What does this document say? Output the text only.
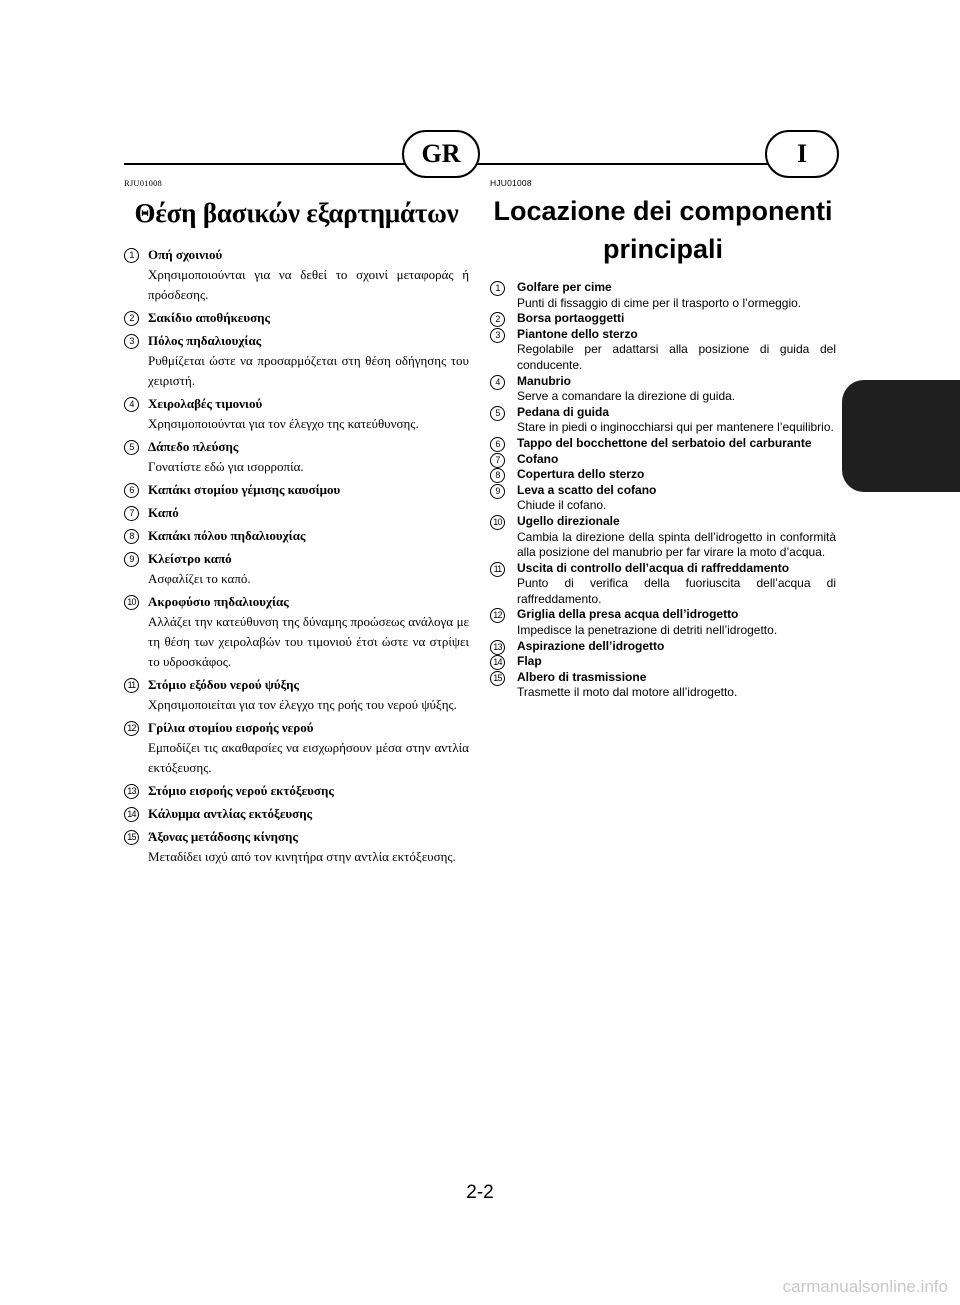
GR	I
RJU01008
Θέση βασικών εξαρτημάτων
1	Οπή σχοινιού
Χρησιμοποιούνται για να δεθεί το σχοινί μεταφοράς ή πρόσδεσης.
2	Σακίδιο αποθήκευσης
3	Πόλος πηδαλιουχίας
Ρυθμίζεται ώστε να προσαρμόζεται στη θέση οδήγησης του χειριστή.
4	Χειρολαβές τιμονιού
Χρησιμοποιούνται για τον έλεγχο της κατεύθυνσης.
5	Δάπεδο πλεύσης
Γονατίστε εδώ για ισορροπία.
6	Καπάκι στομίου γέμισης καυσίμου
7	Καπό
8	Καπάκι πόλου πηδαλιουχίας
9	Κλείστρο καπό
Ασφαλίζει το καπό.
10 Ακροφύσιο πηδαλιουχίας
Αλλάζει την κατεύθυνση της δύναμης προώσεως ανάλογα με τη θέση των χειρολαβών του τιμονιού έτσι ώστε να στρίψει το υδροσκάφος.
11 Στόμιο εξόδου νερού ψύξης
Χρησιμοποιείται για τον έλεγχο της ροής του νερού ψύξης.
12 Γρίλια στομίου εισροής νερού
Εμποδίζει τις ακαθαρσίες να εισχωρήσουν μέσα στην αντλία εκτόξευσης.
13 Στόμιο εισροής νερού εκτόξευσης
14 Κάλυμμα αντλίας εκτόξευσης
15 Άξονας μετάδοσης κίνησης
Μεταδίδει ισχύ από τον κινητήρα στην αντλία εκτόξευσης.
HJU01008
Locazione dei componenti principali
1	Golfare per cime
Punti di fissaggio di cime per il trasporto o l’ormeggio.
2	Borsa portaoggetti
3	Piantone dello sterzo
Regolabile per adattarsi alla posizione di guida del conducente.
4	Manubrio
Serve a comandare la direzione di guida.
5	Pedana di guida
Stare in piedi o inginocchiarsi qui per mantenere l’equilibrio.
6	Tappo del bocchettone del serbatoio del carburante
7	Cofano
8	Copertura dello sterzo
9	Leva a scatto del cofano
Chiude il cofano.
10 Ugello direzionale
Cambia la direzione della spinta dell’idrogetto in conformità alla posizione del manubrio per far virare la moto d’acqua.
11	Uscita di controllo dell’acqua di raffreddamento
Punto di verifica della fuoriuscita dell’acqua di raffreddamento.
12 Griglia della presa acqua dell’idrogetto
Impedisce la penetrazione di detriti nell’idrogetto.
13 Aspirazione dell’idrogetto
14 Flap
15 Albero di trasmissione
Trasmette il moto dal motore all’idrogetto.
2-2
carmanualsonline.info
